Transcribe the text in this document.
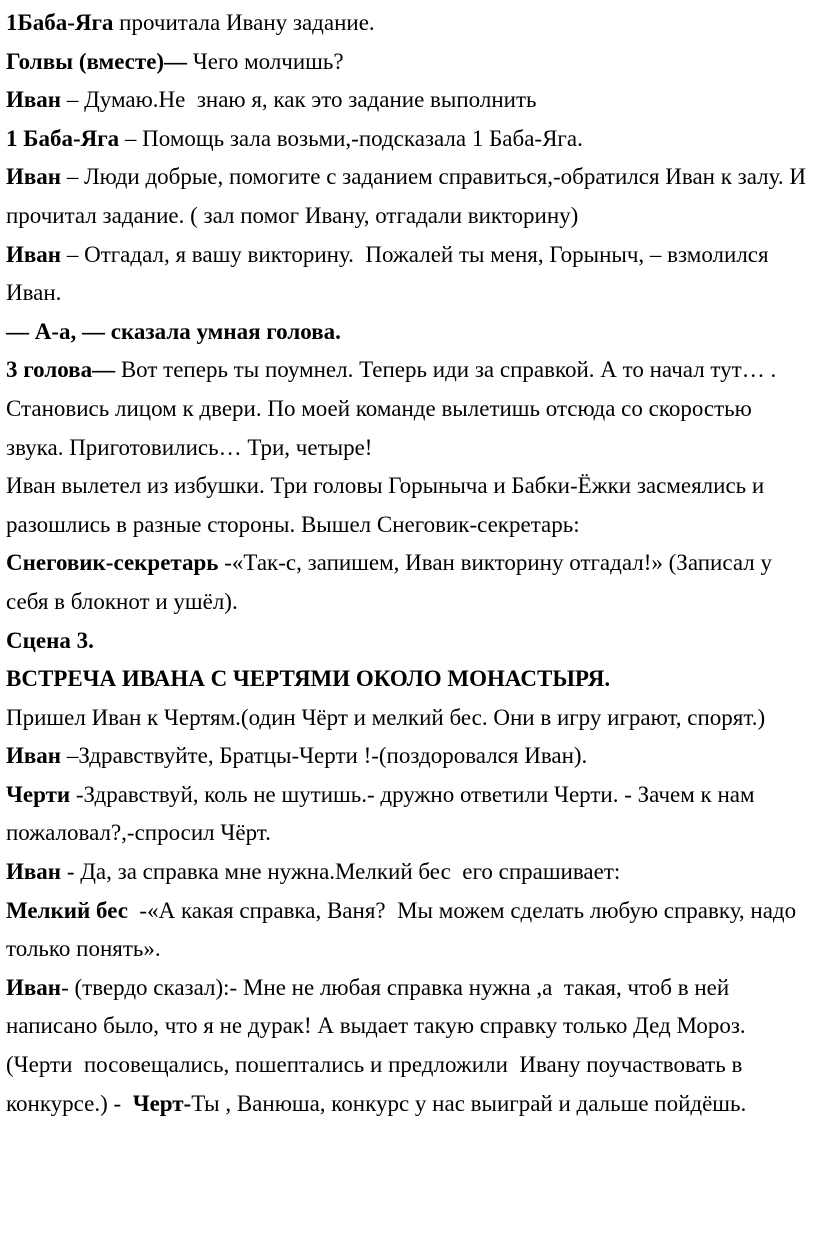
1Баба-Яга прочитала Ивану задание.

Голвы (вместе)— Чего молчишь?

Иван – Думаю.Не  знаю я, как это задание выполнить

1 Баба-Яга – Помощь зала возьми,-подсказала 1 Баба-Яга.

Иван – Люди добрые, помогите с заданием справиться,-обратился Иван к залу. И прочитал задание. ( зал помог Ивану, отгадали викторину)

Иван – Отгадал, я вашу викторину.  Пожалей ты меня, Горыныч, – взмолился Иван.

— А-а, — сказала умная голова.

3 голова— Вот теперь ты поумнел. Теперь иди за справкой. А то начал тут… . Становись лицом к двери. По моей команде вылетишь отсюда со скоростью звука. Приготовились… Три, четыре!

Иван вылетел из избушки. Три головы Горыныча и Бабки-Ёжки засмеялись и разошлись в разные стороны. Вышел Снеговик-секретарь:

Снеговик-секретарь -«Так-с, запишем, Иван викторину отгадал!» (Записал у себя в блокнот и ушёл).

Сцена 3.

ВСТРЕЧА ИВАНА С ЧЕРТЯМИ ОКОЛО МОНАСТЫРЯ.

Пришел Иван к Чертям.(один Чёрт и мелкий бес. Они в игру играют, спорят.)

Иван –Здравствуйте, Братцы-Черти !-(поздоровался Иван).

Черти -Здравствуй, коль не шутишь.- дружно ответили Черти. - Зачем к нам пожаловал?,-спросил Чёрт.

Иван - Да, за справка мне нужна.Мелкий бес  его спрашивает:

Мелкий бес  -«А какая справка, Ваня?  Мы можем сделать любую справку, надо только понять».

Иван- (твердо сказал):- Мне не любая справка нужна ,а  такая, чтоб в ней написано было, что я не дурак! А выдает такую справку только Дед Мороз.

(Черти  посовещались, пошептались и предложили  Ивану поучаствовать в конкурсе.) -  Черт-Ты , Ванюша, конкурс у нас выиграй и дальше пойдёшь.
